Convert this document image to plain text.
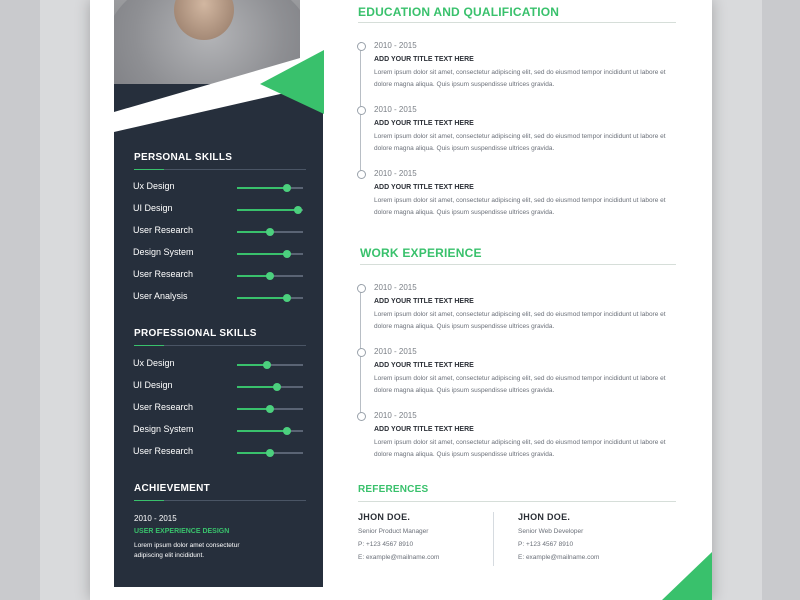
PERSONAL SKILLS
Ux Design
UI Design
User Research
Design System
User Research
User Analysis
PROFESSIONAL SKILLS
Ux Design
UI Design
User Research
Design System
User Research
ACHIEVEMENT
2010 - 2015
USER EXPERIENCE DESIGN
Lorem ipsum dolor amet consectetur adipiscing elit incididunt.
EDUCATION AND QUALIFICATION
2010 - 2015
ADD YOUR TITLE TEXT HERE
Lorem ipsum dolor sit amet, consectetur adipiscing elit, sed do eiusmod tempor incididunt ut labore et dolore magna aliqua. Quis ipsum suspendisse ultrices gravida.
2010 - 2015
ADD YOUR TITLE TEXT HERE
Lorem ipsum dolor sit amet, consectetur adipiscing elit, sed do eiusmod tempor incididunt ut labore et dolore magna aliqua. Quis ipsum suspendisse ultrices gravida.
2010 - 2015
ADD YOUR TITLE TEXT HERE
Lorem ipsum dolor sit amet, consectetur adipiscing elit, sed do eiusmod tempor incididunt ut labore et dolore magna aliqua. Quis ipsum suspendisse ultrices gravida.
WORK EXPERIENCE
2010 - 2015
ADD YOUR TITLE TEXT HERE
Lorem ipsum dolor sit amet, consectetur adipiscing elit, sed do eiusmod tempor incididunt ut labore et dolore magna aliqua. Quis ipsum suspendisse ultrices gravida.
2010 - 2015
ADD YOUR TITLE TEXT HERE
Lorem ipsum dolor sit amet, consectetur adipiscing elit, sed do eiusmod tempor incididunt ut labore et dolore magna aliqua. Quis ipsum suspendisse ultrices gravida.
2010 - 2015
ADD YOUR TITLE TEXT HERE
Lorem ipsum dolor sit amet, consectetur adipiscing elit, sed do eiusmod tempor incididunt ut labore et dolore magna aliqua. Quis ipsum suspendisse ultrices gravida.
REFERENCES
JHON DOE.
Senior Product Manager
P: +123 4567 8910
E: example@mailname.com
JHON DOE.
Senior Web Developer
P: +123 4567 8910
E: example@mailname.com
